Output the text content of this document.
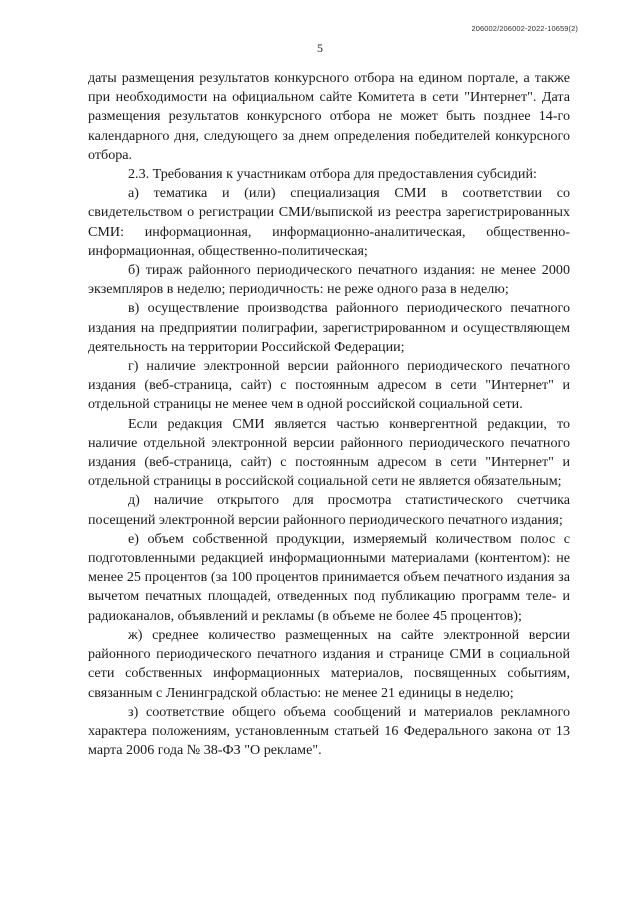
206002/206002-2022-10659(2)
5

даты размещения результатов конкурсного отбора на едином портале, а также при необходимости на официальном сайте Комитета в сети "Интернет". Дата размещения результатов конкурсного отбора не может быть позднее 14-го календарного дня, следующего за днем определения победителей конкурсного отбора.

2.3. Требования к участникам отбора для предоставления субсидий:

а) тематика и (или) специализация СМИ в соответствии со свидетельством о регистрации СМИ/выпиской из реестра зарегистрированных СМИ: информационная, информационно-аналитическая, общественно-информационная, общественно-политическая;

б) тираж районного периодического печатного издания: не менее 2000 экземпляров в неделю; периодичность: не реже одного раза в неделю;

в) осуществление производства районного периодического печатного издания на предприятии полиграфии, зарегистрированном и осуществляющем деятельность на территории Российской Федерации;

г) наличие электронной версии районного периодического печатного издания (веб-страница, сайт) с постоянным адресом в сети "Интернет" и отдельной страницы не менее чем в одной российской социальной сети.

Если редакция СМИ является частью конвергентной редакции, то наличие отдельной электронной версии районного периодического печатного издания (веб-страница, сайт) с постоянным адресом в сети "Интернет" и отдельной страницы в российской социальной сети не является обязательным;

д) наличие открытого для просмотра статистического счетчика посещений электронной версии районного периодического печатного издания;

е) объем собственной продукции, измеряемый количеством полос с подготовленными редакцией информационными материалами (контентом): не менее 25 процентов (за 100 процентов принимается объем печатного издания за вычетом печатных площадей, отведенных под публикацию программ теле- и радиоканалов, объявлений и рекламы (в объеме не более 45 процентов);

ж) среднее количество размещенных на сайте электронной версии районного периодического печатного издания и странице СМИ в социальной сети собственных информационных материалов, посвященных событиям, связанным с Ленинградской областью: не менее 21 единицы в неделю;

з) соответствие общего объема сообщений и материалов рекламного характера положениям, установленным статьей 16 Федерального закона от 13 марта 2006 года № 38-ФЗ "О рекламе".
